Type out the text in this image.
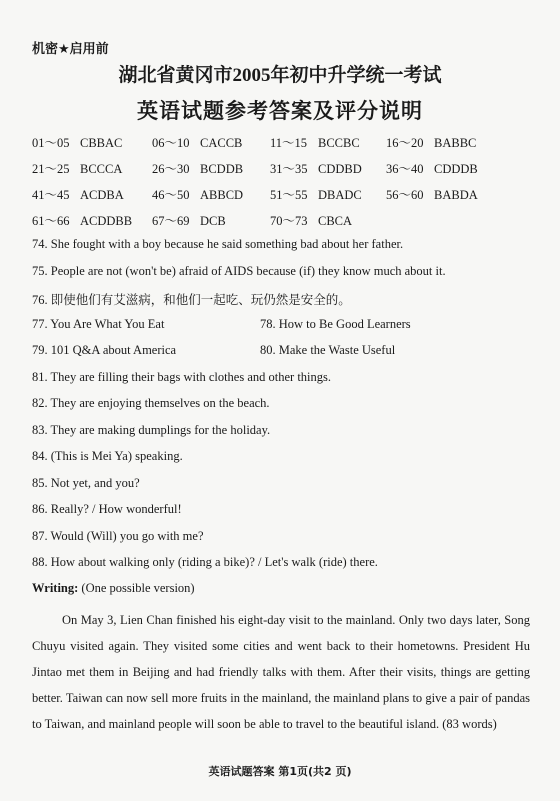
机密★启用前
湖北省黄冈市2005年初中升学统一考试
英语试题参考答案及评分说明
01～05 CBBAC 06～10 CACCB 11～15 BCCBC 16～20 BABBC
21～25 BCCCA 26～30 BCDDB 31～35 CDDBD 36～40 CDDDB
41～45 ACDBA 46～50 ABBCD 51～55 DBADC 56～60 BABDA
61～66 ACDDBB 67～69 DCB	70～73 CBCA
74. She fought with a boy because he said something bad about her father.
75. People are not (won't be) afraid of AIDS because (if) they know much about it.
76. 即使他们有艾滋病，和他们一起吃、玩仍然是安全的。
77. You Are What You Eat	78. How to Be Good Learners
79. 101 Q&A about America	80. Make the Waste Useful
81. They are filling their bags with clothes and other things.
82. They are enjoying themselves on the beach.
83. They are making dumplings for the holiday.
84. (This is Mei Ya) speaking.
85. Not yet, and you?
86. Really? / How wonderful!
87. Would (Will) you go with me?
88. How about walking only (riding a bike)? / Let's walk (ride) there.
Writing: (One possible version)
On May 3, Lien Chan finished his eight-day visit to the mainland. Only two days later, Song Chuyu visited again. They visited some cities and went back to their hometowns. President Hu Jintao met them in Beijing and had friendly talks with them. After their visits, things are getting better. Taiwan can now sell more fruits in the mainland, the mainland plans to give a pair of pandas to Taiwan, and mainland people will soon be able to travel to the beautiful island. (83 words)
英语试题答案 第1页(共2 页)
